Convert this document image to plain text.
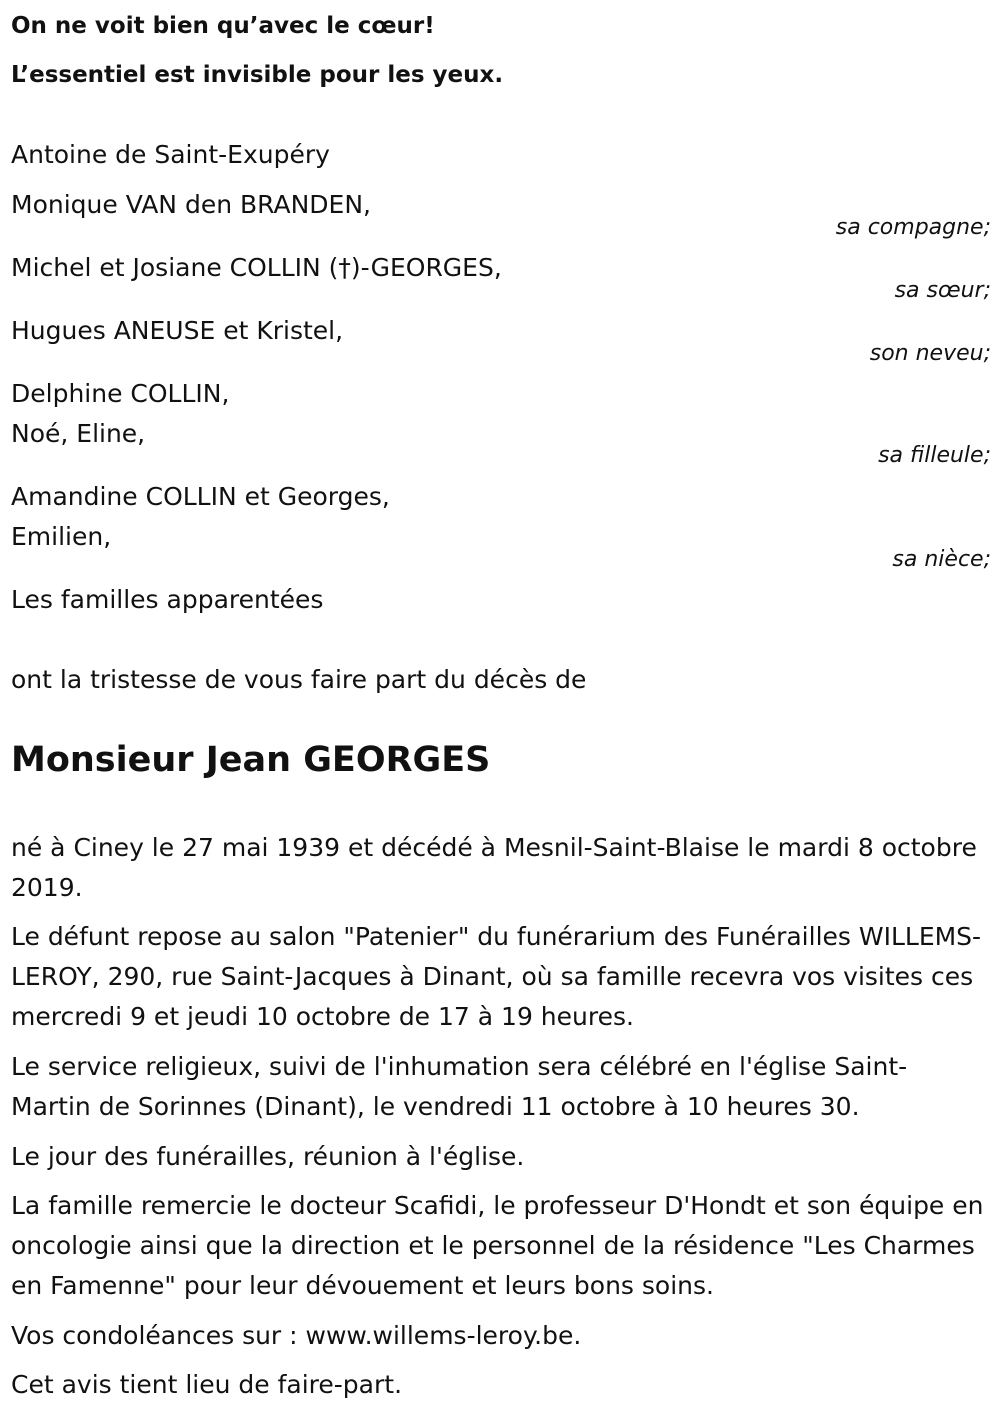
On ne voit bien qu’avec le cœur!
L’essentiel est invisible pour les yeux.
Antoine de Saint-Exupéry
Monique VAN den BRANDEN,
sa compagne;
Michel et Josiane COLLIN (†)-GEORGES,
sa sœur;
Hugues ANEUSE et Kristel,
son neveu;
Delphine COLLIN,
Noé, Eline,
sa filleule;
Amandine COLLIN et Georges,
Emilien,
sa nièce;
Les familles apparentées
ont la tristesse de vous faire part du décès de
Monsieur Jean GEORGES
né à Ciney le 27 mai 1939 et décédé à Mesnil-Saint-Blaise le mardi 8 octobre 2019.
Le défunt repose au salon "Patenier" du funérarium des Funérailles WILLEMS-LEROY, 290, rue Saint-Jacques à Dinant, où sa famille recevra vos visites ces mercredi 9 et jeudi 10 octobre de 17 à 19 heures.
Le service religieux, suivi de l'inhumation sera célébré en l'église Saint-Martin de Sorinnes (Dinant), le vendredi 11 octobre à 10 heures 30.
Le jour des funérailles, réunion à l'église.
La famille remercie le docteur Scafidi, le professeur D'Hondt et son équipe en oncologie ainsi que la direction et le personnel de la résidence "Les Charmes en Famenne" pour leur dévouement et leurs bons soins.
Vos condoléances sur : www.willems-leroy.be.
Cet avis tient lieu de faire-part.
